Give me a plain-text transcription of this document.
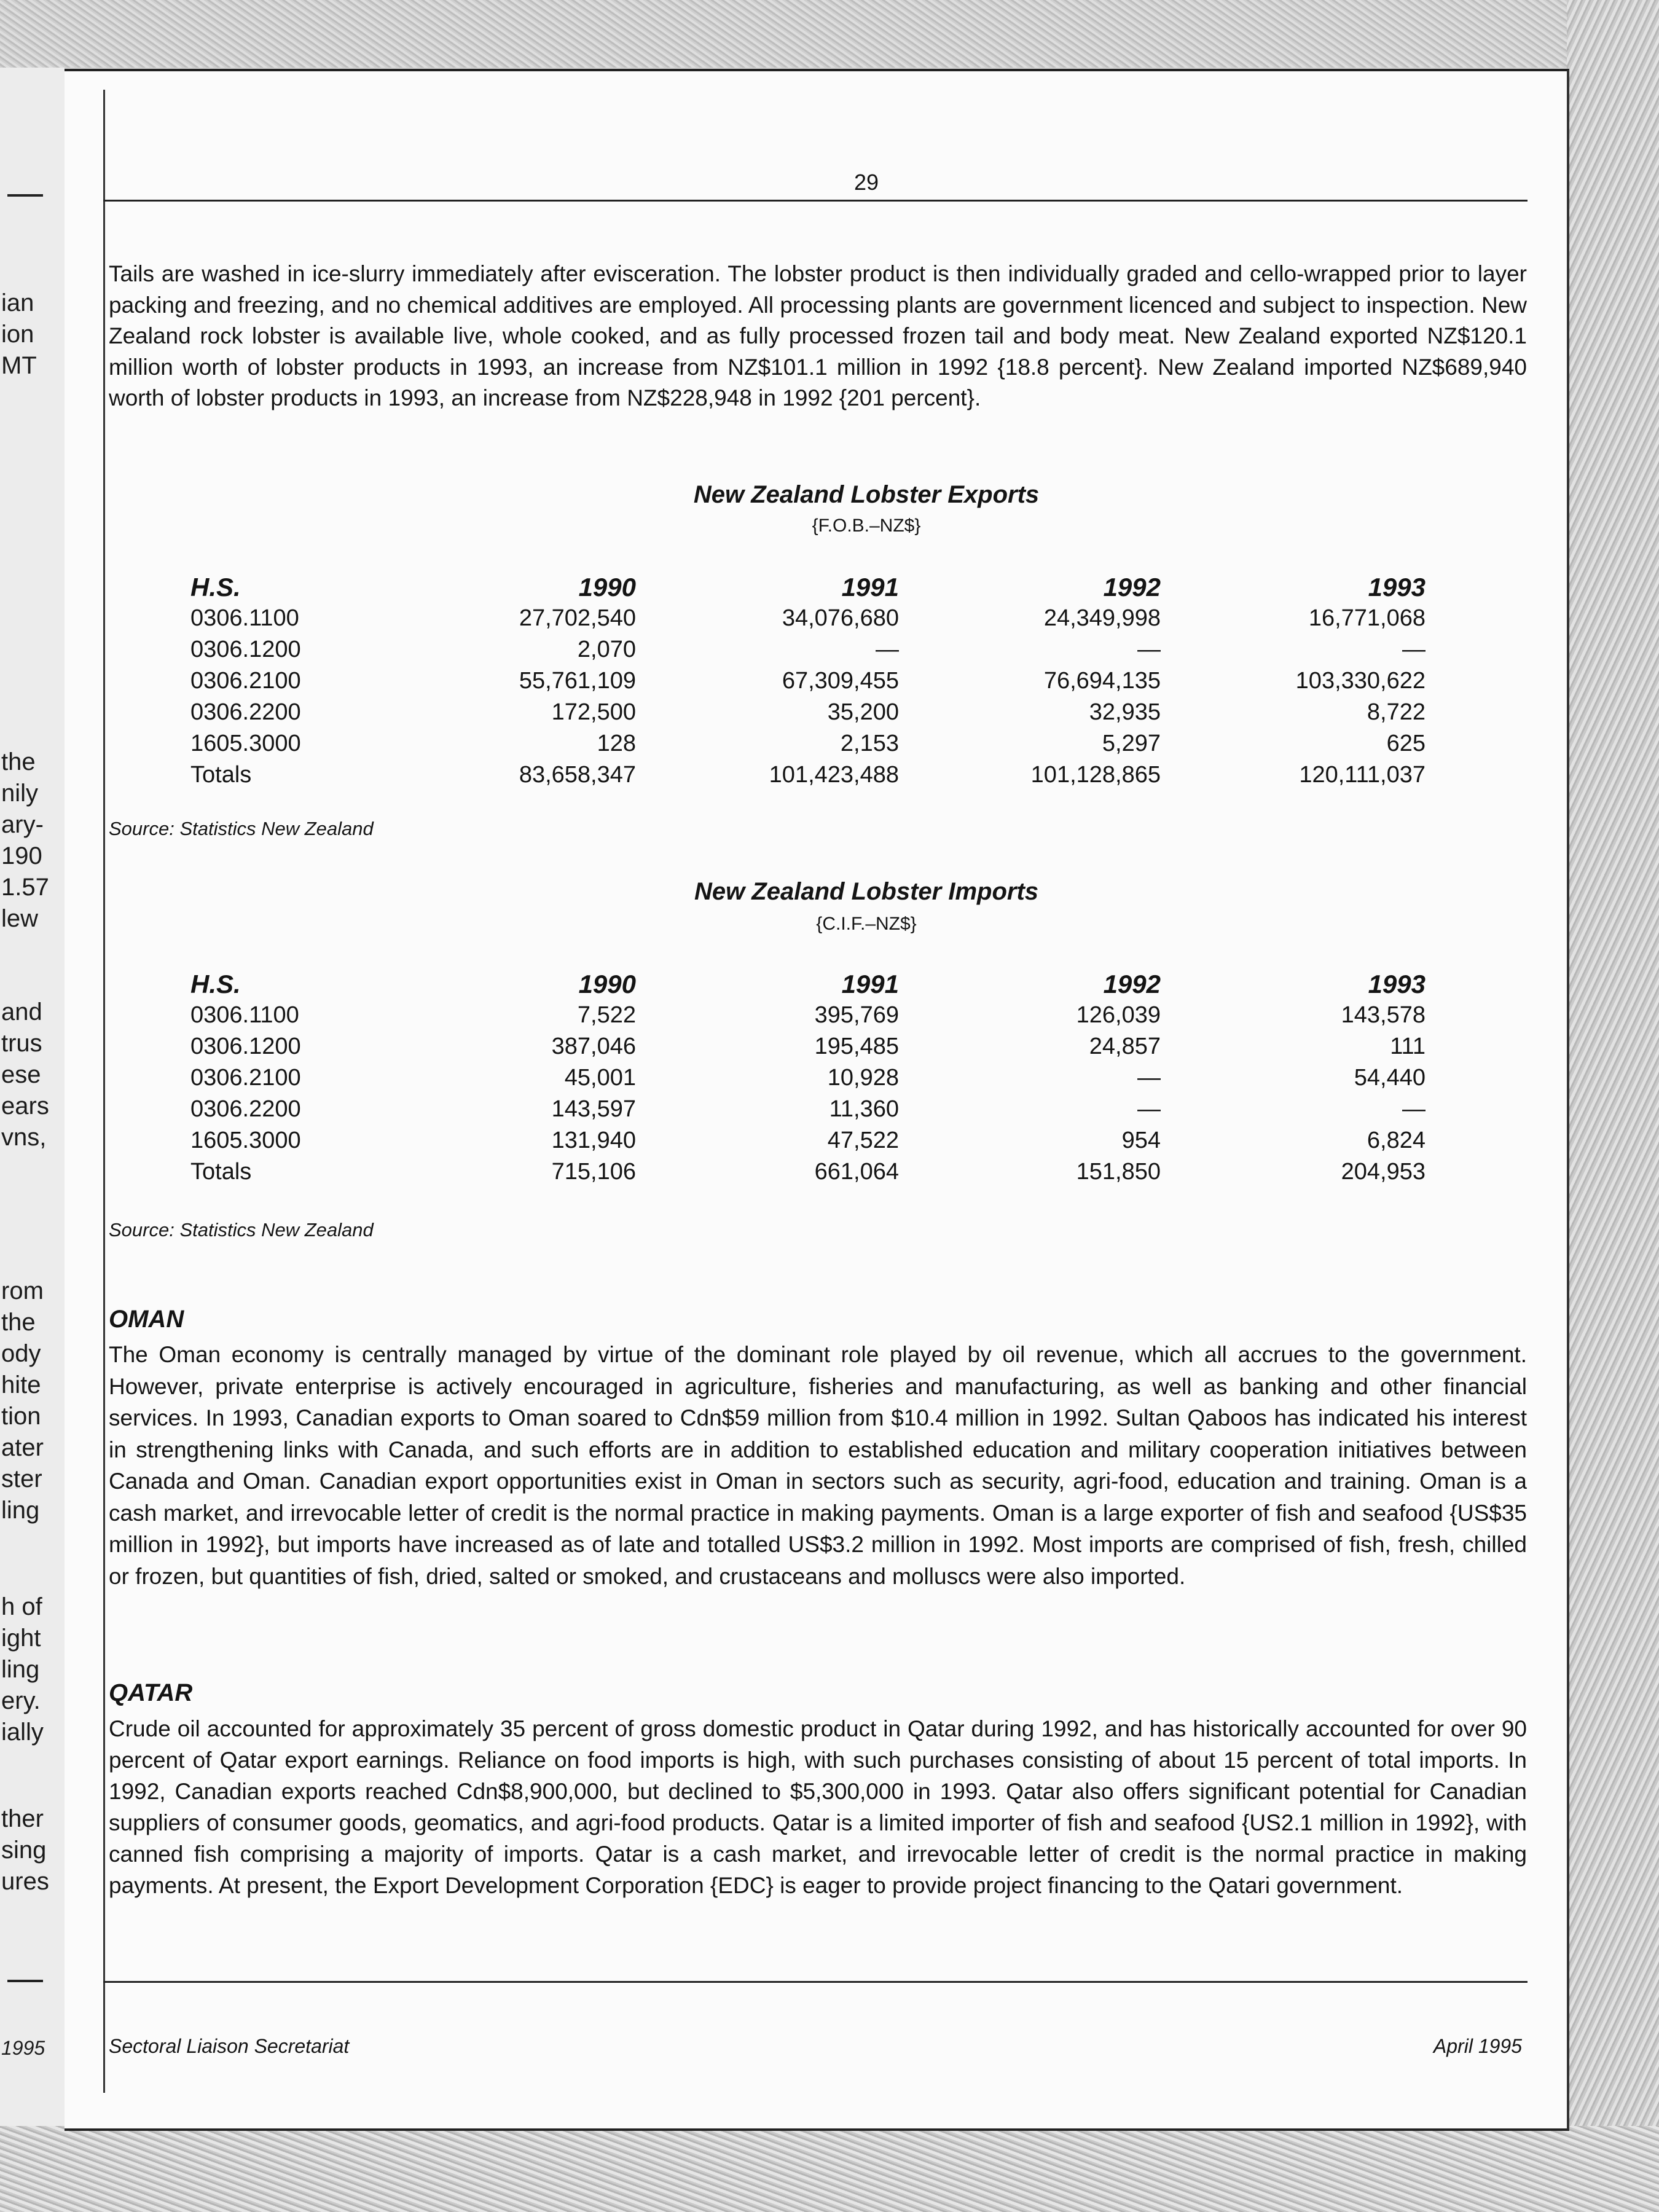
ian
ion
MT
the
nily
ary-
190
1.57
lew
and
trus
ese
ears
vns,
rom
the
ody
hite
tion
ater
ster
ling
h of
ight
ling
ery.
ially
ther
sing
ures
1995
29
Tails are washed in ice-slurry immediately after evisceration. The lobster product is then individually graded and cello-wrapped prior to layer packing and freezing, and no chemical additives are employed. All processing plants are government licenced and subject to inspection. New Zealand rock lobster is available live, whole cooked, and as fully processed frozen tail and body meat. New Zealand exported NZ$120.1 million worth of lobster products in 1993, an increase from NZ$101.1 million in 1992 {18.8 percent}. New Zealand imported NZ$689,940 worth of lobster products in 1993, an increase from NZ$228,948 in 1992 {201 percent}.
New Zealand Lobster Exports
{F.O.B.–NZ$}
H.S.	1990	1991	1992	1993
0306.1100	27,702,540	34,076,680	24,349,998	16,771,068
0306.1200	2,070	—	—	—
0306.2100	55,761,109	67,309,455	76,694,135	103,330,622
0306.2200	172,500	35,200	32,935	8,722
1605.3000	128	2,153	5,297	625
Totals	83,658,347	101,423,488	101,128,865	120,111,037
Source: Statistics New Zealand
New Zealand Lobster Imports
{C.I.F.–NZ$}
H.S.	1990	1991	1992	1993
0306.1100	7,522	395,769	126,039	143,578
0306.1200	387,046	195,485	24,857	111
0306.2100	45,001	10,928	—	54,440
0306.2200	143,597	11,360	—	—
1605.3000	131,940	47,522	954	6,824
Totals	715,106	661,064	151,850	204,953
Source: Statistics New Zealand
OMAN
The Oman economy is centrally managed by virtue of the dominant role played by oil revenue, which all accrues to the government. However, private enterprise is actively encouraged in agriculture, fisheries and manufacturing, as well as banking and other financial services. In 1993, Canadian exports to Oman soared to Cdn$59 million from $10.4 million in 1992. Sultan Qaboos has indicated his interest in strengthening links with Canada, and such efforts are in addition to established education and military cooperation initiatives between Canada and Oman. Canadian export opportunities exist in Oman in sectors such as security, agri-food, education and training. Oman is a cash market, and irrevocable letter of credit is the normal practice in making payments. Oman is a large exporter of fish and seafood {US$35 million in 1992}, but imports have increased as of late and totalled US$3.2 million in 1992. Most imports are comprised of fish, fresh, chilled or frozen, but quantities of fish, dried, salted or smoked, and crustaceans and molluscs were also imported.
QATAR
Crude oil accounted for approximately 35 percent of gross domestic product in Qatar during 1992, and has historically accounted for over 90 percent of Qatar export earnings. Reliance on food imports is high, with such purchases consisting of about 15 percent of total imports. In 1992, Canadian exports reached Cdn$8,900,000, but declined to $5,300,000 in 1993. Qatar also offers significant potential for Canadian suppliers of consumer goods, geomatics, and agri-food products. Qatar is a limited importer of fish and seafood {US2.1 million in 1992}, with canned fish comprising a majority of imports. Qatar is a cash market, and irrevocable letter of credit is the normal practice in making payments. At present, the Export Development Corporation {EDC} is eager to provide project financing to the Qatari government.
Sectoral Liaison Secretariat	April 1995
